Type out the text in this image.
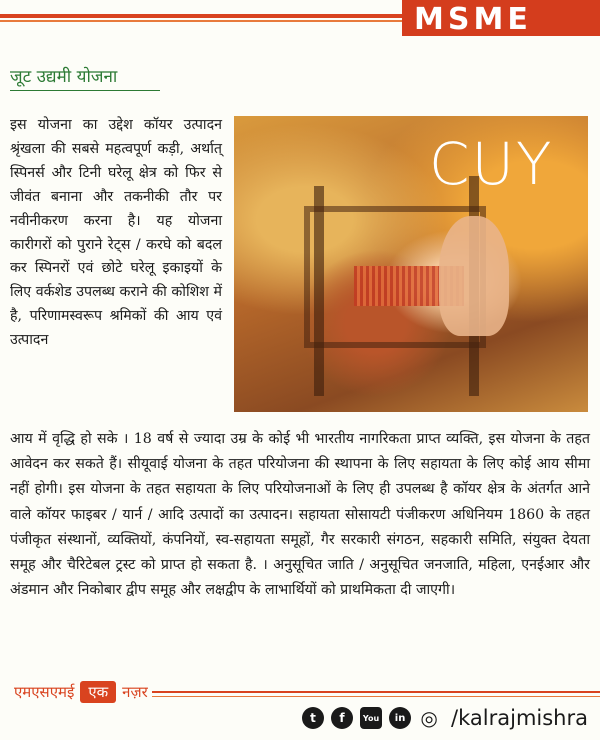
MSME
जूट उद्यमी योजना

इस योजना का उद्देश कॉयर उत्पादन श्रृंखला की सबसे महत्वपूर्ण कड़ी, अर्थात् स्पिनर्स और टिनी घरेलू क्षेत्र को फिर से जीवंत बनाना और तकनीकी तौर पर नवीनीकरण करना है। यह योजना कारीगरों को पुराने रेट्स / करघे को बदल कर स्पिनरों एवं छोटे घरेलू इकाइयों के लिए वर्कशेड उपलब्ध कराने की कोशिश में है, परिणामस्वरूप श्रमिकों की आय एवं उत्पादन

CUY

आय में वृद्धि हो सके । 18 वर्ष से ज्यादा उम्र के कोई भी भारतीय नागरिकता प्राप्त व्यक्ति, इस योजना के तहत आवेदन कर सकते हैं। सीयूवाई योजना के तहत परियोजना की स्थापना के लिए सहायता के लिए कोई आय सीमा नहीं होगी। इस योजना के तहत सहायता के लिए परियोजनाओं के लिए ही उपलब्ध है कॉयर क्षेत्र के अंतर्गत आने वाले कॉयर फाइबर / यार्न / आदि उत्पादों का उत्पादन। सहायता सोसायटी पंजीकरण अधिनियम 1860 के तहत पंजीकृत संस्थानों, व्यक्तियों, कंपनियों, स्व-सहायता समूहों, गैर सरकारी संगठन, सहकारी समिति, संयुक्त देयता समूह और चैरिटेबल ट्रस्ट को प्राप्त हो सकता है. । अनुसूचित जाति / अनुसूचित जनजाति, महिला, एनईआर और अंडमान और निकोबार द्वीप समूह और लक्षद्वीप के लाभार्थियों को प्राथमिकता दी जाएगी।

एमएसएमई एक नज़र
t	f	You	in ◎ /kalrajmishra
